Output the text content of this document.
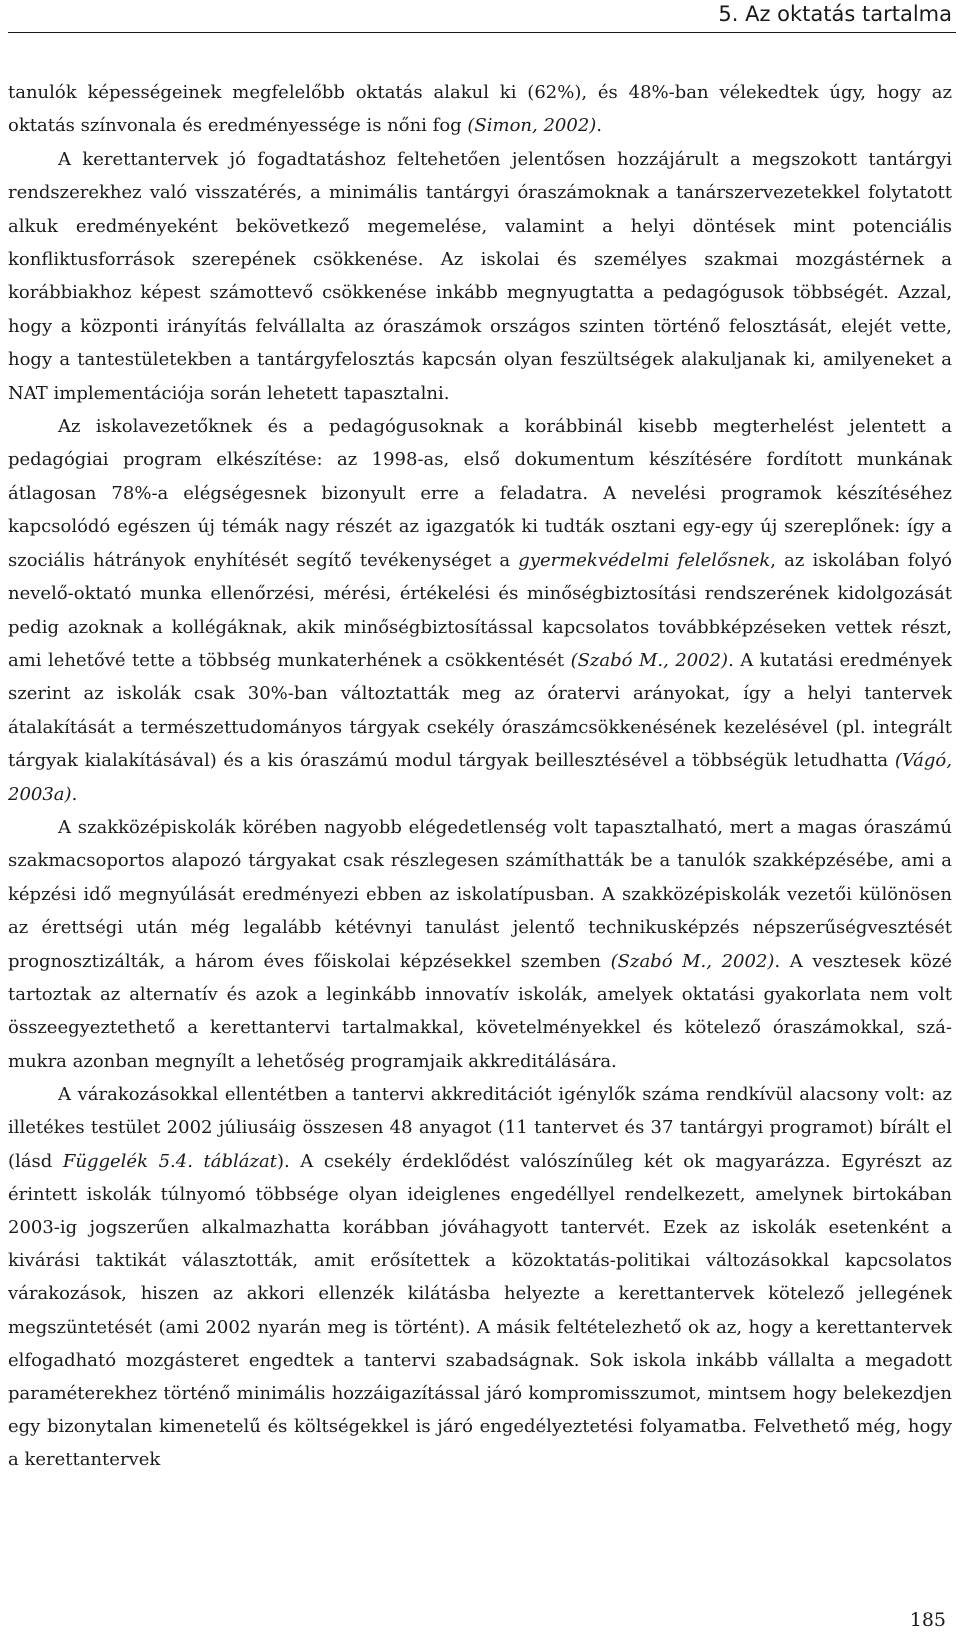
5. Az oktatás tartalma

tanulók képességeinek megfelelőbb oktatás alakul ki (62%), és 48%-ban vélekedtek úgy, hogy az oktatás színvonala és eredményessége is nőni fog (Simon, 2002).

A kerettantervek jó fogadtatáshoz feltehetően jelentősen hozzájárult a megszokott tantárgyi rendszerekhez való visszatérés, a minimális tantárgyi óraszámoknak a tanárszervezetekkel folytatott alkuk eredményeként bekövetkező megemelése, valamint a helyi döntések mint potenciális konfliktusforrások szerepének csökkenése. Az iskolai és személyes szakmai mozgástérnek a korábbiakhoz képest számottevő csökkenése inkább megnyugtatta a pedagógusok többségét. Azzal, hogy a központi irányítás felvállalta az óraszámok országos szinten történő felosztását, elejét vette, hogy a tantestületekben a tantárgyfelosztás kapcsán olyan feszültségek alakuljanak ki, amilyeneket a NAT implementációja során lehetett tapasztalni.

Az iskolavezetőknek és a pedagógusoknak a korábbinál kisebb megterhelést jelentett a pedagógiai program elkészítése: az 1998-as, első dokumentum készítésére fordított munkának átlagosan 78%-a elégségesnek bizonyult erre a feladatra. A nevelési programok készítéséhez kapcsolódó egészen új témák nagy részét az igazgatók ki tudták osztani egy-egy új szereplőnek: így a szociális hátrányok enyhítését segítő tevékenységet a gyermekvédelmi felelősnek, az iskolában folyó nevelő-oktató munka ellenőrzési, mérési, értékelési és minőségbiztosítási rendszerének kidolgozását pedig azoknak a kollégáknak, akik minőségbiztosítással kapcsolatos továbbképzéseken vettek részt, ami lehetővé tette a többség munkaterhének a csökkentését (Szabó M., 2002). A kutatási eredmények szerint az iskolák csak 30%-ban változtatták meg az óratervi arányokat, így a helyi tantervek átalakítását a természettudományos tárgyak csekély óraszámcsökkenésének kezelésével (pl. integrált tárgyak kialakításával) és a kis óraszámú modul tárgyak beillesztésével a többségük letudhatta (Vágó, 2003a).

A szakközépiskolák körében nagyobb elégedetlenség volt tapasztalható, mert a magas óraszámú szakmacsoportos alapozó tárgyakat csak részlegesen számíthatták be a tanulók szakképzésébe, ami a képzési idő megnyúlását eredményezi ebben az iskolatípusban. A szakközépiskolák vezetői különösen az érettségi után még legalább kétévnyi tanulást jelentő technikusképzés népszerűségvesztését prognosztizálták, a három éves főiskolai képzésekkel szemben (Szabó M., 2002). A vesztesek közé tartoztak az alternatív és azok a leginkább innovatív iskolák, amelyek oktatási gyakorlata nem volt összeegyeztethető a kerettantervi tartalmakkal, követelményekkel és kötelező óraszámokkal, számukra azonban megnyílt a lehetőség programjaik akkreditálására.

A várakozásokkal ellentétben a tantervi akkreditációt igénylők száma rendkívül alacsony volt: az illetékes testület 2002 júliusáig összesen 48 anyagot (11 tantervet és 37 tantárgyi programot) bírált el (lásd Függelék 5.4. táblázat). A csekély érdeklődést valószínűleg két ok magyarázza. Egyrészt az érintett iskolák túlnyomó többsége olyan ideiglenes engedéllyel rendelkezett, amelynek birtokában 2003-ig jogszerűen alkalmazhatta korábban jóváhagyott tantervét. Ezek az iskolák esetenként a kivárási taktikát választották, amit erősítettek a közoktatás-politikai változásokkal kapcsolatos várakozások, hiszen az akkori ellenzék kilátásba helyezte a kerettantervek kötelező jellegének megszüntetését (ami 2002 nyarán meg is történt). A másik feltételezhető ok az, hogy a kerettantervek elfogadható mozgásteret engedtek a tantervi szabadságnak. Sok iskola inkább vállalta a megadott paraméterekhez történő minimális hozzáigazítással járó kompromisszumot, mintsem hogy belekezdjen egy bizonytalan kimenetelű és költségekkel is járó engedélyeztetési folyamatba. Felvethető még, hogy a kerettantervek

185
